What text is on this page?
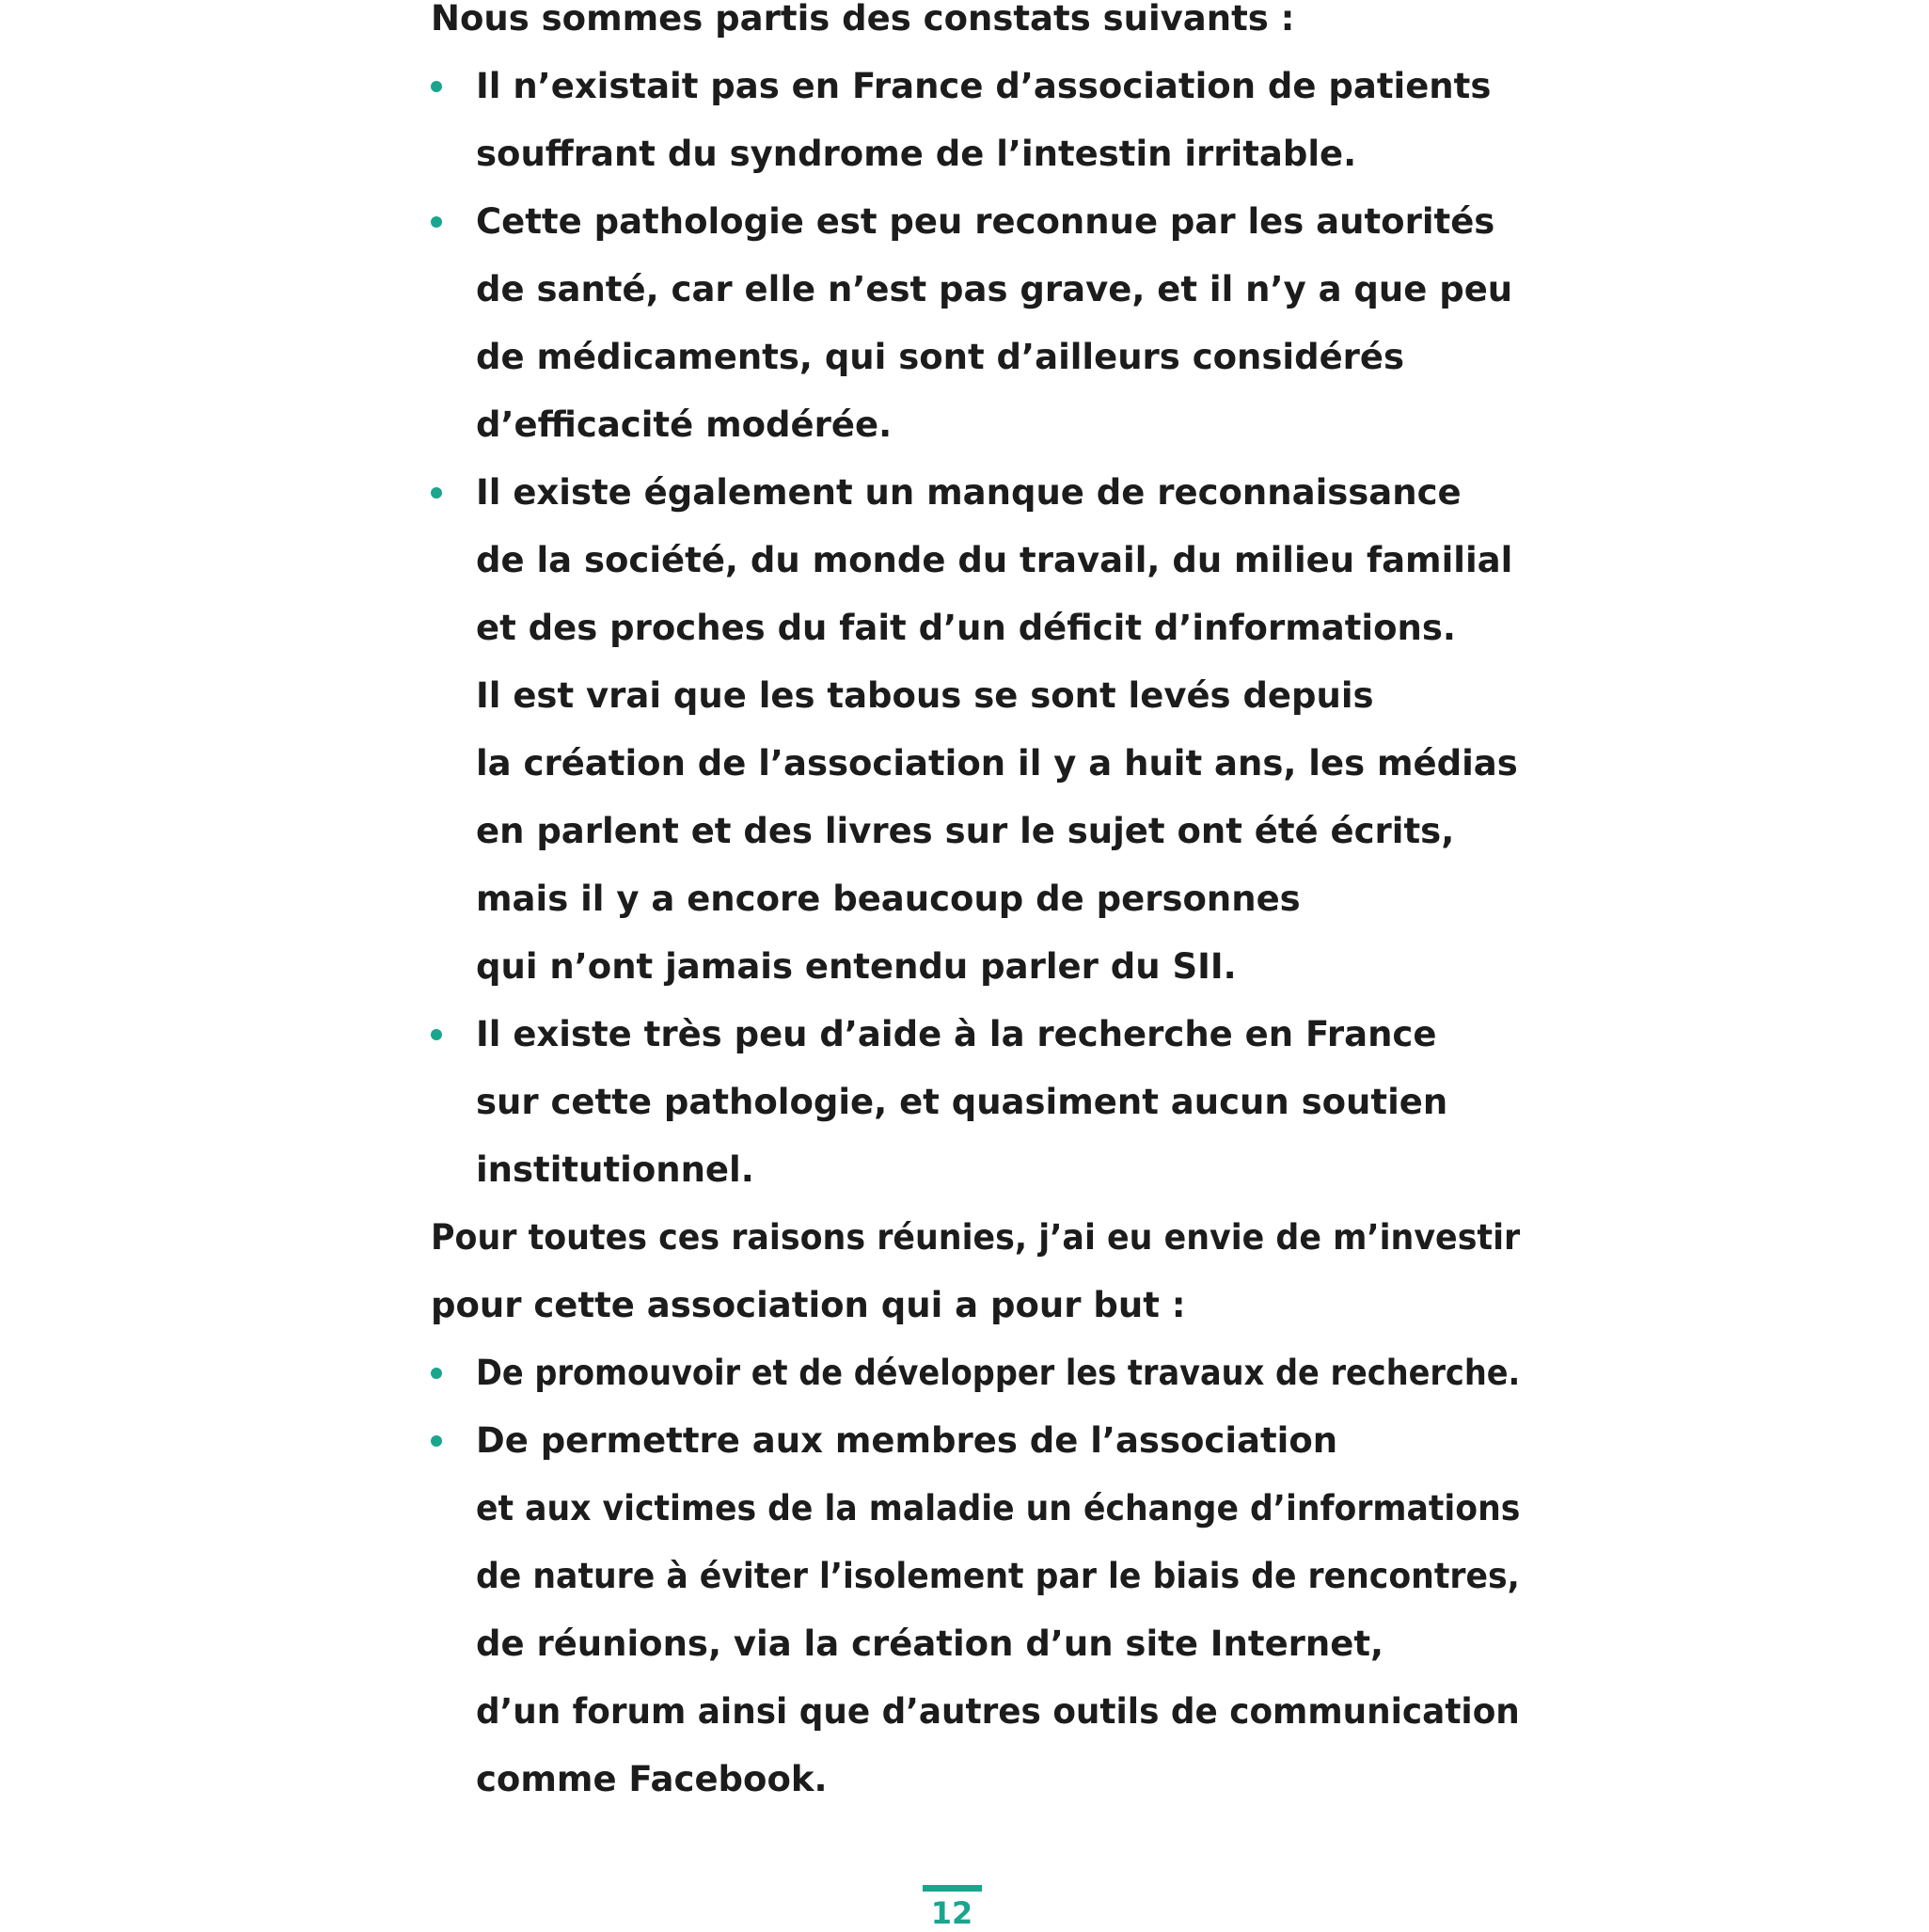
Nous sommes partis des constats suivants :
Il n’existait pas en France d’association de patients
souffrant du syndrome de l’intestin irritable.
Cette pathologie est peu reconnue par les autorités
de santé, car elle n’est pas grave, et il n’y a que peu
de médicaments, qui sont d’ailleurs considérés
d’efficacité modérée.
Il existe également un manque de reconnaissance
de la société, du monde du travail, du milieu familial
et des proches du fait d’un déficit d’informations.
Il est vrai que les tabous se sont levés depuis
la création de l’association il y a huit ans, les médias
en parlent et des livres sur le sujet ont été écrits,
mais il y a encore beaucoup de personnes
qui n’ont jamais entendu parler du SII.
Il existe très peu d’aide à la recherche en France
sur cette pathologie, et quasiment aucun soutien
institutionnel.
Pour toutes ces raisons réunies, j’ai eu envie de m’investir
pour cette association qui a pour but :
De promouvoir et de développer les travaux de recherche.
De permettre aux membres de l’association
et aux victimes de la maladie un échange d’informations
de nature à éviter l’isolement par le biais de rencontres,
de réunions, via la création d’un site Internet,
d’un forum ainsi que d’autres outils de communication
comme Facebook.
12
